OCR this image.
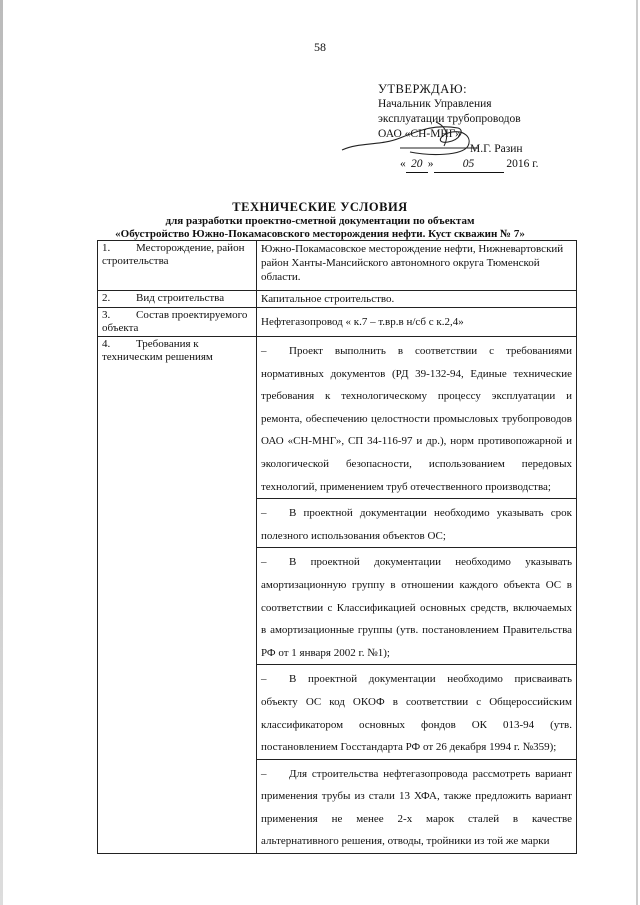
58
УТВЕРЖДАЮ:
Начальник Управления
эксплуатации трубопроводов
ОАО «СН-МНГ»
М.Г. Разин
« 20 »	05	2016 г.
ТЕХНИЧЕСКИЕ УСЛОВИЯ
для разработки проектно-сметной документации по объектам
«Обустройство Южно-Покамасовского месторождения нефти. Куст скважин № 7»
1. Месторождение, район строительства	Южно-Покамасовское месторождение нефти, Нижневартовский район Ханты-Мансийского автономного округа Тюменской области.
2. Вид строительства	Капитальное строительство.
3. Состав проектируемого объекта	Нефтегазопровод « к.7 – т.вр.в н/сб с к.2,4»
4. Требования к техническим решениям	– Проект выполнить в соответствии с требованиями нормативных документов (РД 39-132-94, Единые технические требования к технологическому процессу эксплуатации и ремонта, обеспечению целостности промысловых трубопроводов ОАО «СН-МНГ», СП 34-116-97 и др.), норм противопожарной и экологической безопасности, использованием передовых технологий, применением труб отечественного производства;
– В проектной документации необходимо указывать срок полезного использования объектов ОС;
– В проектной документации необходимо указывать амортизационную группу в отношении каждого объекта ОС в соответствии с Классификацией основных средств, включаемых в амортизационные группы (утв. постановлением Правительства РФ от 1 января 2002 г. №1);
– В проектной документации необходимо присваивать объекту ОС код ОКОФ в соответствии с Общероссийским классификатором основных фондов ОК 013-94 (утв. постановлением Госстандарта РФ от 26 декабря 1994 г. №359);
– Для строительства нефтегазопровода рассмотреть вариант применения трубы из стали 13 ХФА, также предложить вариант применения не менее 2-х марок сталей в качестве альтернативного решения, отводы, тройники из той же марки
